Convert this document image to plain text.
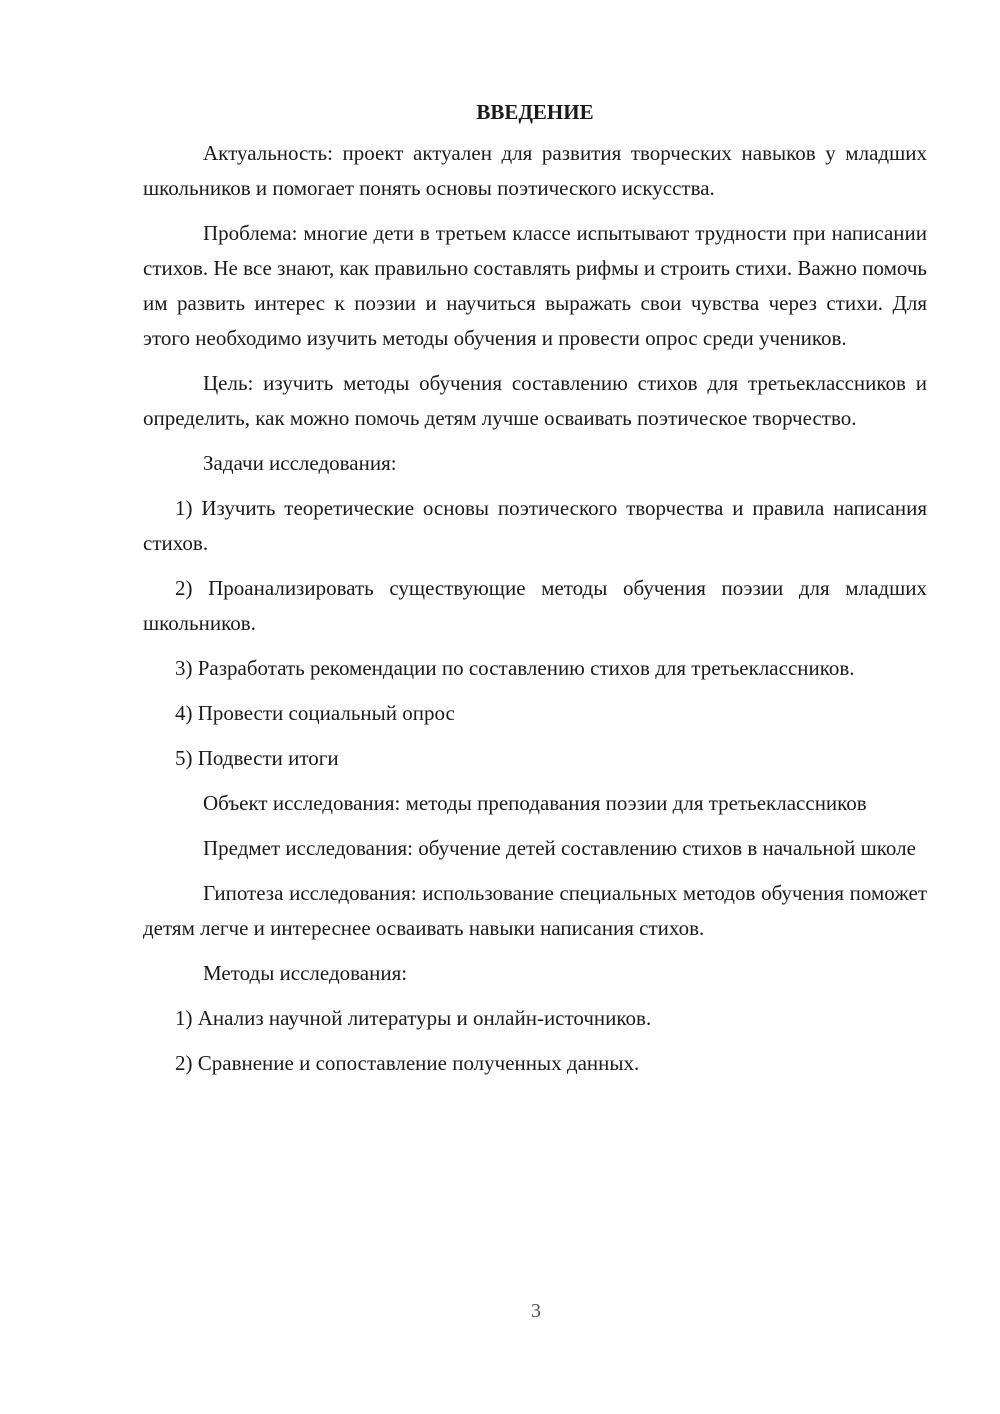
ВВЕДЕНИЕ

Актуальность: проект актуален для развития творческих навыков у младших школьников и помогает понять основы поэтического искусства.

Проблема: многие дети в третьем классе испытывают трудности при написании стихов. Не все знают, как правильно составлять рифмы и строить стихи. Важно помочь им развить интерес к поэзии и научиться выражать свои чувства через стихи. Для этого необходимо изучить методы обучения и провести опрос среди учеников.

Цель: изучить методы обучения составлению стихов для третьеклассников и определить, как можно помочь детям лучше осваивать поэтическое творчество.

Задачи исследования:

1) Изучить теоретические основы поэтического творчества и правила написания стихов.

2) Проанализировать существующие методы обучения поэзии для младших школьников.

3) Разработать рекомендации по составлению стихов для третьеклассников.

4) Провести социальный опрос

5) Подвести итоги

Объект исследования: методы преподавания поэзии для третьеклассников

Предмет исследования: обучение детей составлению стихов в начальной школе

Гипотеза исследования: использование специальных методов обучения поможет детям легче и интереснее осваивать навыки написания стихов.

Методы исследования:

1) Анализ научной литературы и онлайн-источников.

2) Сравнение и сопоставление полученных данных.

3
